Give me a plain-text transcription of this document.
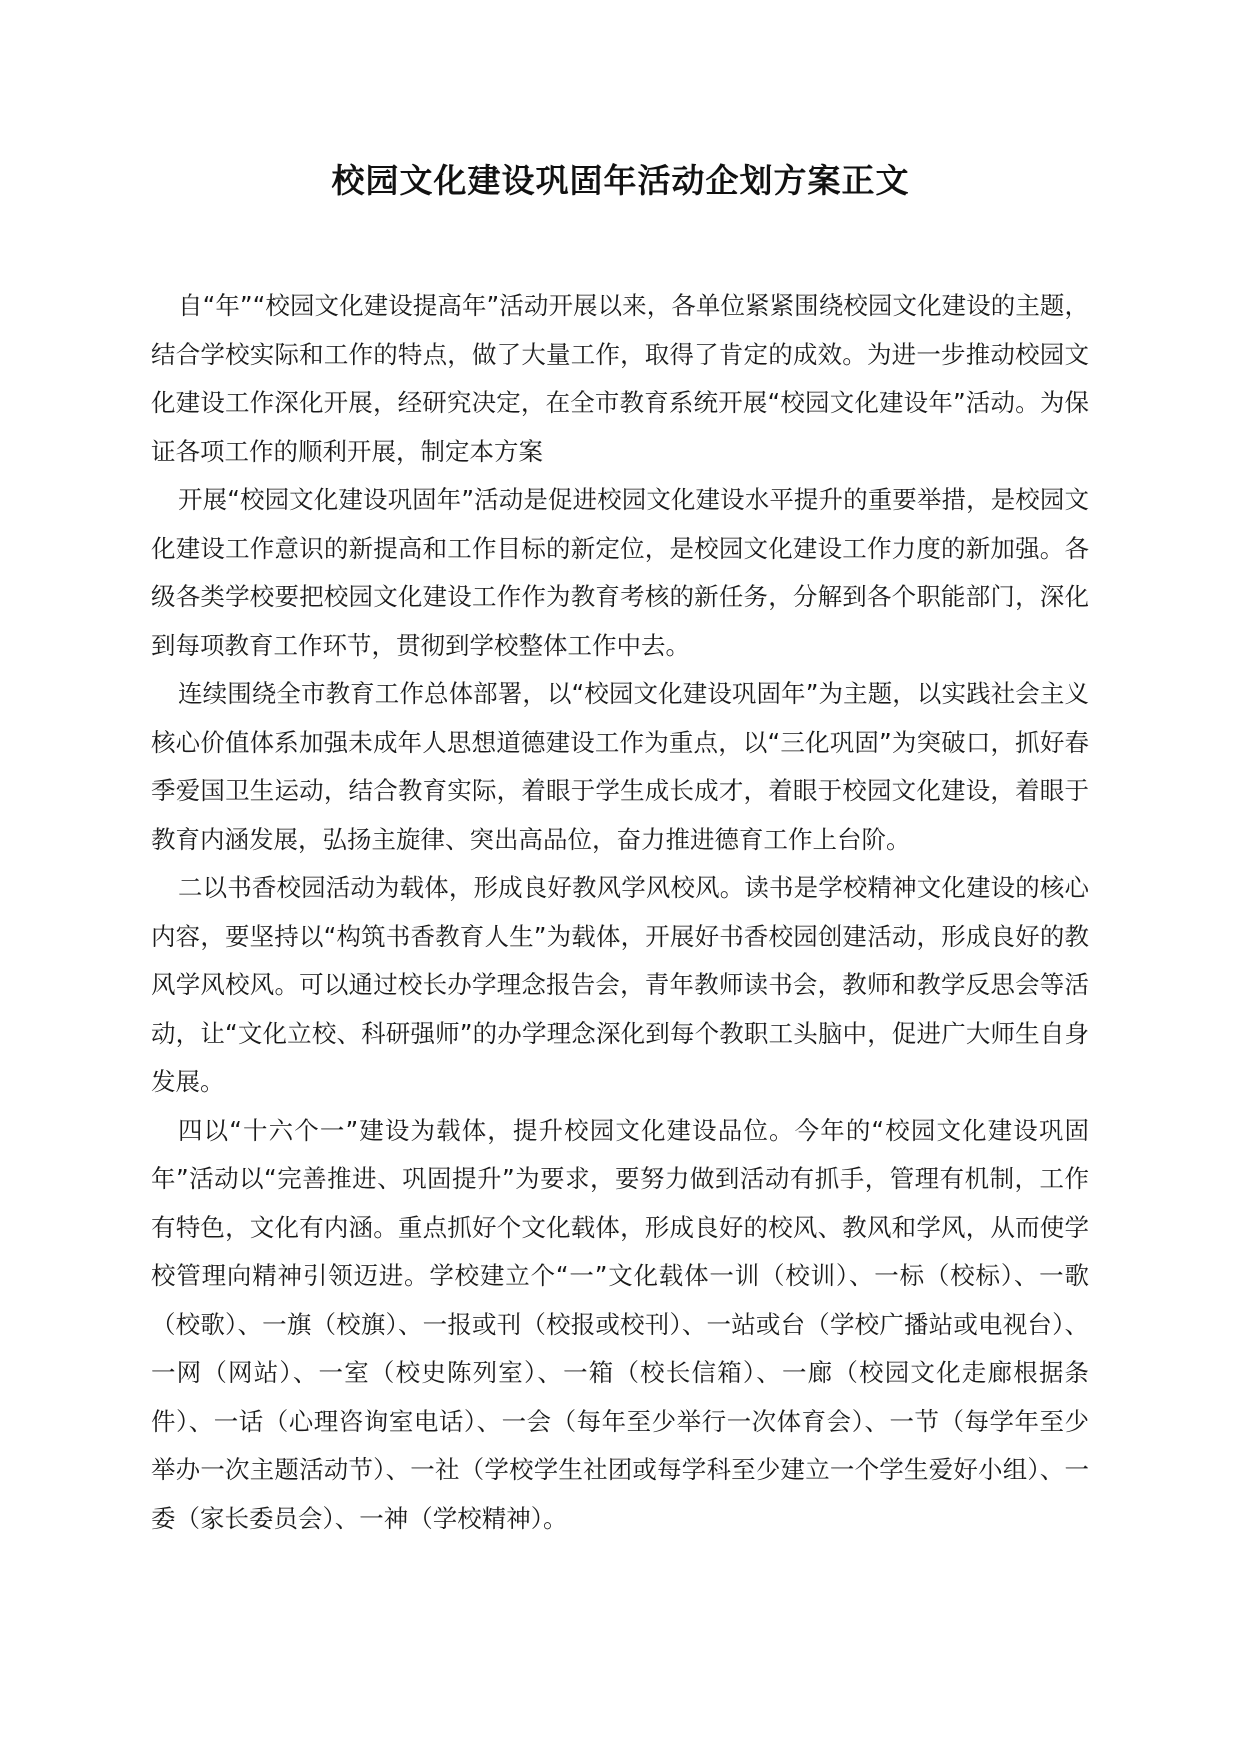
校园文化建设巩固年活动企划方案正文

自“年”“校园文化建设提高年”活动开展以来，各单位紧紧围绕校园文化建设的主题，结合学校实际和工作的特点，做了大量工作，取得了肯定的成效。为进一步推动校园文化建设工作深化开展，经研究决定，在全市教育系统开展“校园文化建设年”活动。为保证各项工作的顺利开展，制定本方案

开展“校园文化建设巩固年”活动是促进校园文化建设水平提升的重要举措，是校园文化建设工作意识的新提高和工作目标的新定位，是校园文化建设工作力度的新加强。各级各类学校要把校园文化建设工作作为教育考核的新任务，分解到各个职能部门，深化到每项教育工作环节，贯彻到学校整体工作中去。

连续围绕全市教育工作总体部署，以“校园文化建设巩固年”为主题，以实践社会主义核心价值体系加强未成年人思想道德建设工作为重点，以“三化巩固”为突破口，抓好春季爱国卫生运动，结合教育实际，着眼于学生成长成才，着眼于校园文化建设，着眼于教育内涵发展，弘扬主旋律、突出高品位，奋力推进德育工作上台阶。

二以书香校园活动为载体，形成良好教风学风校风。读书是学校精神文化建设的核心内容，要坚持以“构筑书香教育人生”为载体，开展好书香校园创建活动，形成良好的教风学风校风。可以通过校长办学理念报告会，青年教师读书会，教师和教学反思会等活动，让“文化立校、科研强师”的办学理念深化到每个教职工头脑中，促进广大师生自身发展。

四以“十六个一”建设为载体，提升校园文化建设品位。今年的“校园文化建设巩固年”活动以“完善推进、巩固提升”为要求，要努力做到活动有抓手，管理有机制，工作有特色，文化有内涵。重点抓好个文化载体，形成良好的校风、教风和学风，从而使学校管理向精神引领迈进。学校建立个“一”文化载体一训（校训）、一标（校标）、一歌（校歌）、一旗（校旗）、一报或刊（校报或校刊）、一站或台（学校广播站或电视台）、一网（网站）、一室（校史陈列室）、一箱（校长信箱）、一廊（校园文化走廊根据条件）、一话（心理咨询室电话）、一会（每年至少举行一次体育会）、一节（每学年至少举办一次主题活动节）、一社（学校学生社团或每学科至少建立一个学生爱好小组）、一委（家长委员会）、一神（学校精神）。
